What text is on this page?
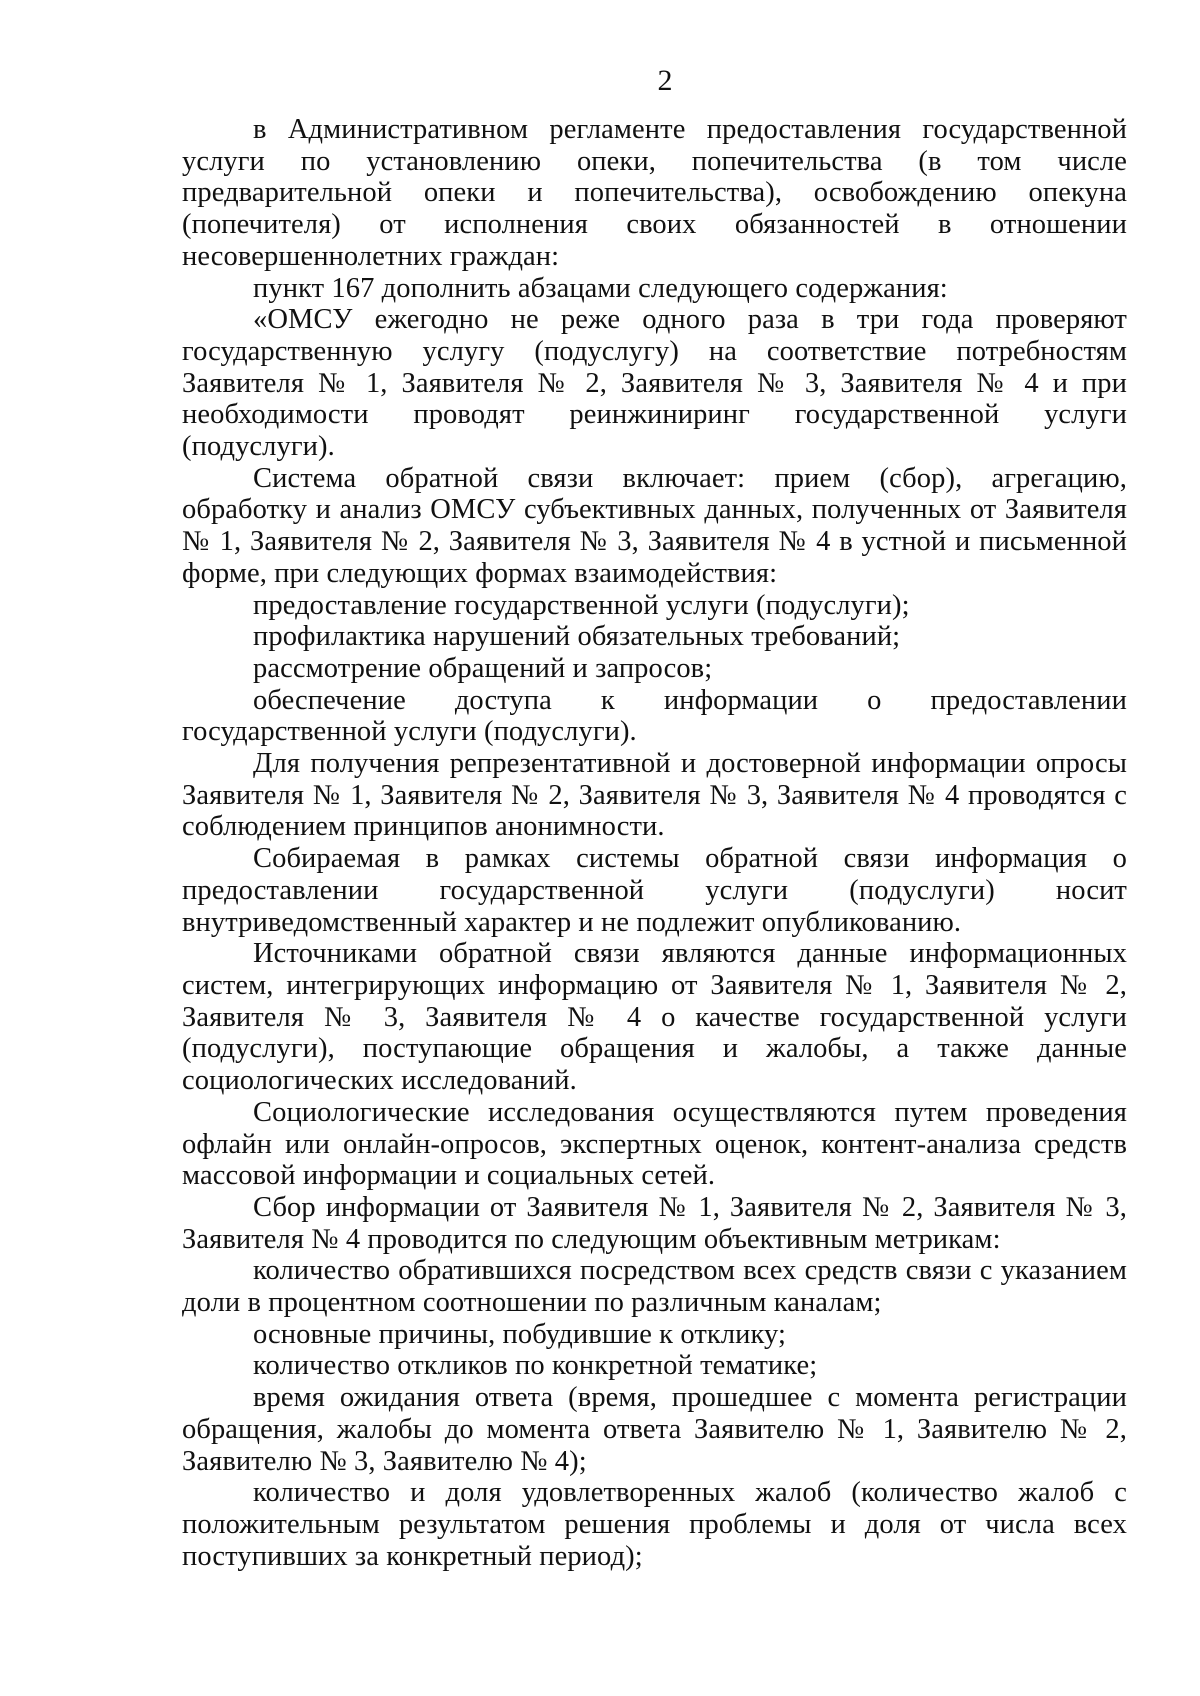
2

в Административном регламенте предоставления государственной услуги по установлению опеки, попечительства (в том числе предварительной опеки и попечительства), освобождению опекуна (попечителя) от исполнения своих обязанностей в отношении несовершеннолетних граждан:

пункт 167 дополнить абзацами следующего содержания:

«ОМСУ ежегодно не реже одного раза в три года проверяют государственную услугу (подуслугу) на соответствие потребностям Заявителя № 1, Заявителя № 2, Заявителя № 3, Заявителя № 4 и при необходимости проводят реинжиниринг государственной услуги (подуслуги).

Система обратной связи включает: прием (сбор), агрегацию, обработку и анализ ОМСУ субъективных данных, полученных от Заявителя № 1, Заявителя № 2, Заявителя № 3, Заявителя № 4 в устной и письменной форме, при следующих формах взаимодействия:

предоставление государственной услуги (подуслуги);

профилактика нарушений обязательных требований;

рассмотрение обращений и запросов;

обеспечение доступа к информации о предоставлении государственной услуги (подуслуги).

Для получения репрезентативной и достоверной информации опросы Заявителя № 1, Заявителя № 2, Заявителя № 3, Заявителя № 4 проводятся с соблюдением принципов анонимности.

Собираемая в рамках системы обратной связи информация о предоставлении государственной услуги (подуслуги) носит внутриведомственный характер и не подлежит опубликованию.

Источниками обратной связи являются данные информационных систем, интегрирующих информацию от Заявителя № 1, Заявителя № 2, Заявителя № 3, Заявителя № 4 о качестве государственной услуги (подуслуги), поступающие обращения и жалобы, а также данные социологических исследований.

Социологические исследования осуществляются путем проведения офлайн или онлайн-опросов, экспертных оценок, контент-анализа средств массовой информации и социальных сетей.

Сбор информации от Заявителя № 1, Заявителя № 2, Заявителя № 3, Заявителя № 4 проводится по следующим объективным метрикам:

количество обратившихся посредством всех средств связи с указанием доли в процентном соотношении по различным каналам;

основные причины, побудившие к отклику;

количество откликов по конкретной тематике;

время ожидания ответа (время, прошедшее с момента регистрации обращения, жалобы до момента ответа Заявителю № 1, Заявителю № 2, Заявителю № 3, Заявителю № 4);

количество и доля удовлетворенных жалоб (количество жалоб с положительным результатом решения проблемы и доля от числа всех поступивших за конкретный период);
